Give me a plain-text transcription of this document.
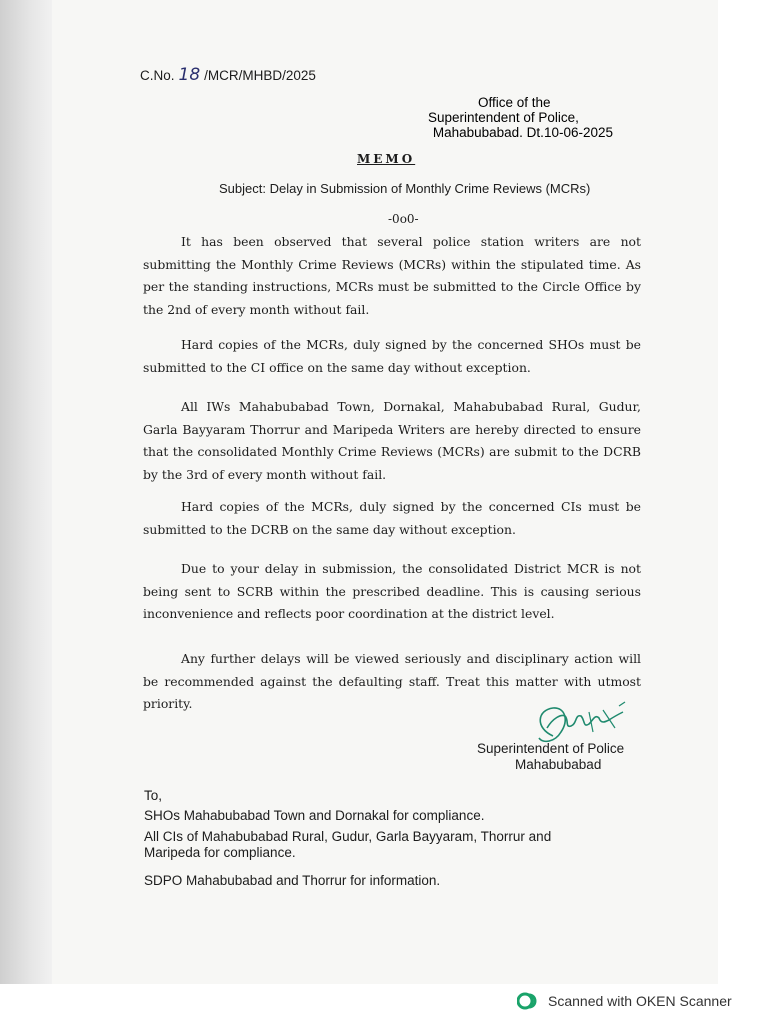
C.No. 18 /MCR/MHBD/2025
Office of the
Superintendent of Police,
Mahabubabad. Dt.10-06-2025
MEMO
Subject: Delay in Submission of Monthly Crime Reviews (MCRs)
-0o0-
It has been observed that several police station writers are not submitting the Monthly Crime Reviews (MCRs) within the stipulated time. As per the standing instructions, MCRs must be submitted to the Circle Office by the 2nd of every month without fail.
Hard copies of the MCRs, duly signed by the concerned SHOs must be submitted to the CI office on the same day without exception.
All IWs Mahabubabad Town, Dornakal, Mahabubabad Rural, Gudur, Garla Bayyaram Thorrur and Maripeda Writers are hereby directed to ensure that the consolidated Monthly Crime Reviews (MCRs) are submit to the DCRB by the 3rd of every month without fail.
Hard copies of the MCRs, duly signed by the concerned CIs must be submitted to the DCRB on the same day without exception.
Due to your delay in submission, the consolidated District MCR is not being sent to SCRB within the prescribed deadline. This is causing serious inconvenience and reflects poor coordination at the district level.
Any further delays will be viewed seriously and disciplinary action will be recommended against the defaulting staff. Treat this matter with utmost priority.
Superintendent of Police
Mahabubabad
To,
SHOs Mahabubabad Town and Dornakal for compliance.
All CIs of Mahabubabad Rural, Gudur, Garla Bayyaram, Thorrur and
Maripeda for compliance.
SDPO Mahabubabad and Thorrur for information.
Scanned with OKEN Scanner
